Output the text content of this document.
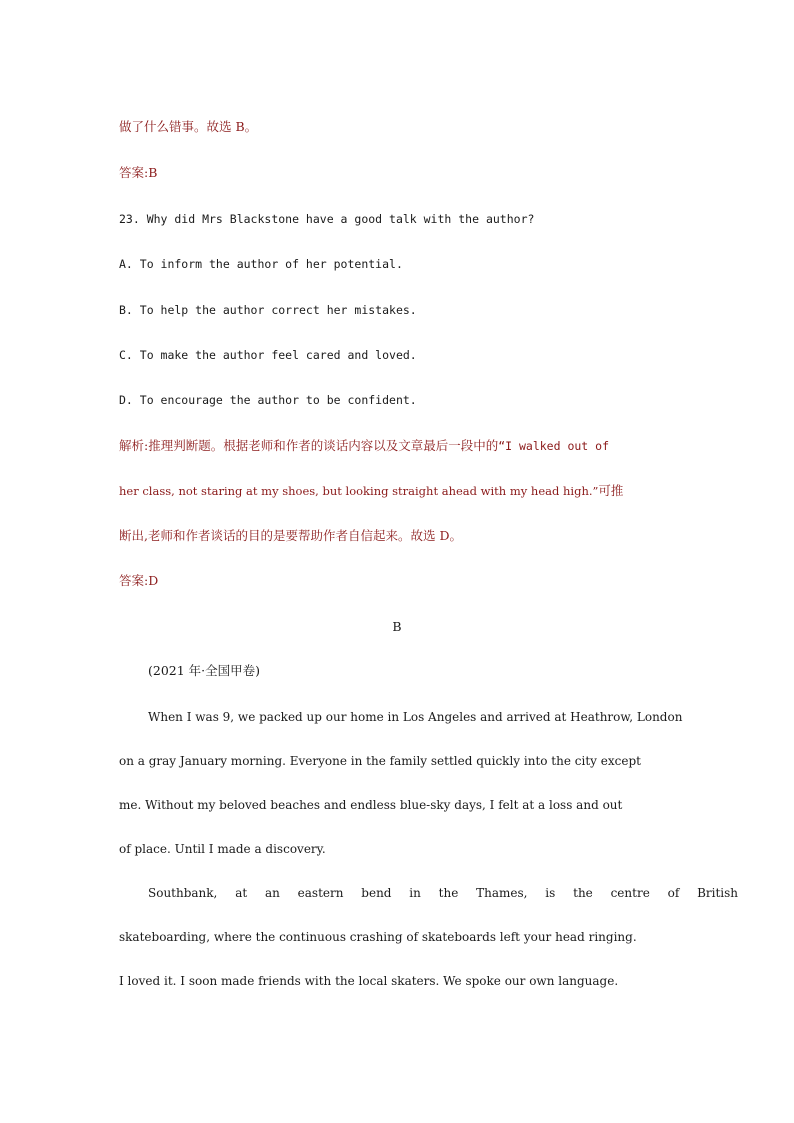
做了什么错事。故选 B。
答案:B
23. Why did Mrs Blackstone have a good talk with the author?
A. To inform the author of her potential.
B. To help the author correct her mistakes.
C. To make the author feel cared and loved.
D. To encourage the author to be confident.
解析:推理判断题。根据老师和作者的谈话内容以及文章最后一段中的“I walked out of
her class, not staring at my shoes, but looking straight ahead with my head high.”可推
断出,老师和作者谈话的目的是要帮助作者自信起来。故选 D。
答案:D
B
(2021 年·全国甲卷)
When I was 9, we packed up our home in Los Angeles and arrived at Heathrow, London
on a gray January morning. Everyone in the family settled quickly into the city except
me. Without my beloved beaches and endless blue-sky days, I felt at a loss and out
of place. Until I made a discovery.
Southbank, at an eastern bend in the Thames, is the centre of British
skateboarding, where the continuous crashing of skateboards left your head ringing.
I loved it. I soon made friends with the local skaters. We spoke our own language.
